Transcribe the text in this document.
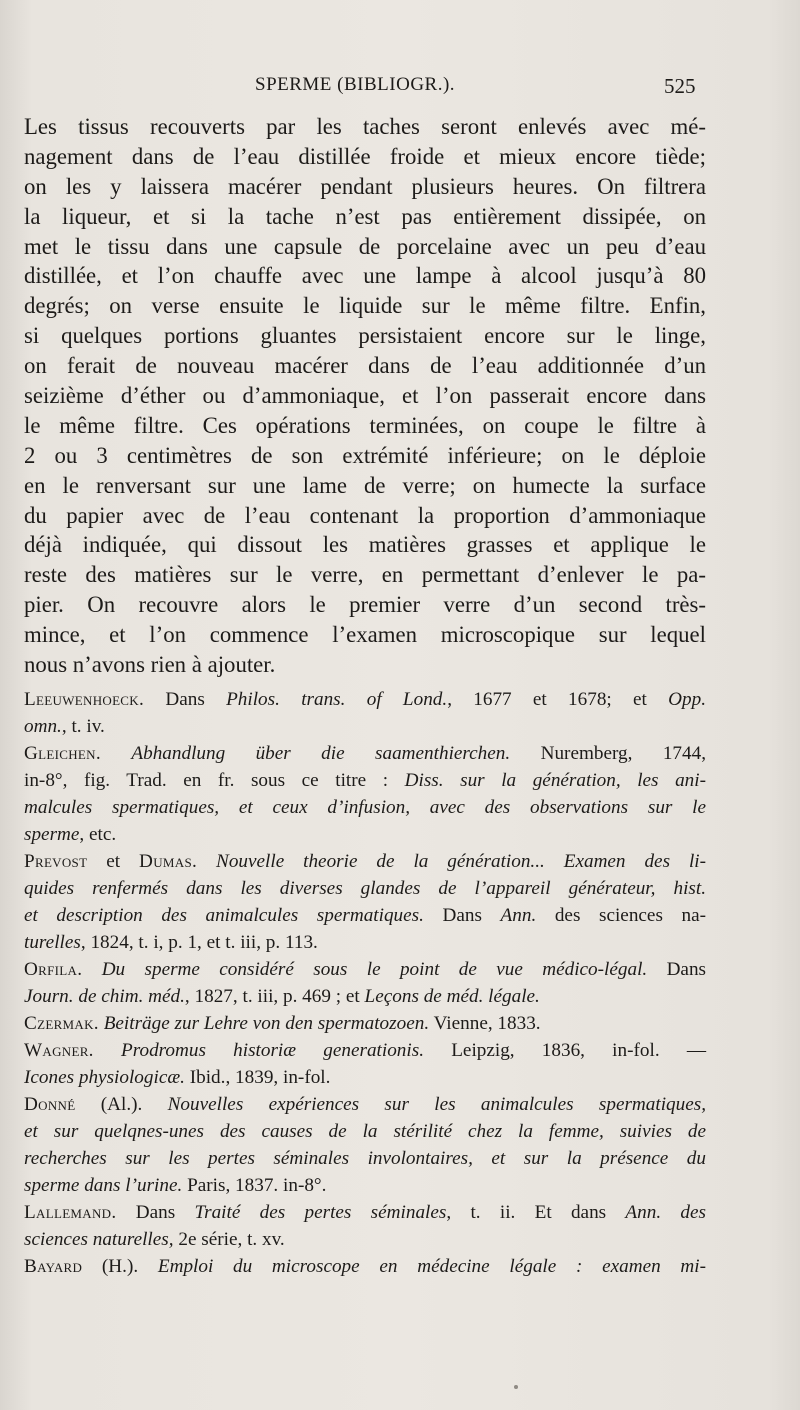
SPERME (BIBLIOGR.).	525
Les tissus recouverts par les taches seront enlevés avec mé-
nagement dans de l’eau distillée froide et mieux encore tiède;
on les y laissera macérer pendant plusieurs heures. On filtrera
la liqueur, et si la tache n’est pas entièrement dissipée, on
met le tissu dans une capsule de porcelaine avec un peu d’eau
distillée, et l’on chauffe avec une lampe à alcool jusqu’à 80
degrés; on verse ensuite le liquide sur le même filtre. Enfin,
si quelques portions gluantes persistaient encore sur le linge,
on ferait de nouveau macérer dans de l’eau additionnée d’un
seizième d’éther ou d’ammoniaque, et l’on passerait encore dans
le même filtre. Ces opérations terminées, on coupe le filtre à
2 ou 3 centimètres de son extrémité inférieure; on le déploie
en le renversant sur une lame de verre; on humecte la surface
du papier avec de l’eau contenant la proportion d’ammoniaque
déjà indiquée, qui dissout les matières grasses et applique le
reste des matières sur le verre, en permettant d’enlever le pa-
pier. On recouvre alors le premier verre d’un second très-
mince, et l’on commence l’examen microscopique sur lequel
nous n’avons rien à ajouter.
Leeuwenhoeck. Dans Philos. trans. of Lond., 1677 et 1678; et Opp.
omn., t. iv.
Gleichen. Abhandlung über die saamenthierchen. Nuremberg, 1744,
in-8°, fig. Trad. en fr. sous ce titre : Diss. sur la génération, les ani-
malcules spermatiques, et ceux d’infusion, avec des observations sur le
sperme, etc.
Prevost et Dumas. Nouvelle theorie de la génération... Examen des li-
quides renfermés dans les diverses glandes de l’appareil générateur, hist.
et description des animalcules spermatiques. Dans Ann. des sciences na-
turelles, 1824, t. i, p. 1, et t. iii, p. 113.
Orfila. Du sperme considéré sous le point de vue médico-légal. Dans
Journ. de chim. méd., 1827, t. iii, p. 469 ; et Leçons de méd. légale.
Czermak. Beiträge zur Lehre von den spermatozoen. Vienne, 1833.
Wagner. Prodromus historiæ generationis. Leipzig, 1836, in-fol. —
Icones physiologicæ. Ibid., 1839, in-fol.
Donné (Al.). Nouvelles expériences sur les animalcules spermatiques,
et sur quelqnes-unes des causes de la stérilité chez la femme, suivies de
recherches sur les pertes séminales involontaires, et sur la présence du
sperme dans l’urine. Paris, 1837. in-8°.
Lallemand. Dans Traité des pertes séminales, t. ii. Et dans Ann. des
sciences naturelles, 2e série, t. xv.
Bayard (H.). Emploi du microscope en médecine légale : examen mi-
